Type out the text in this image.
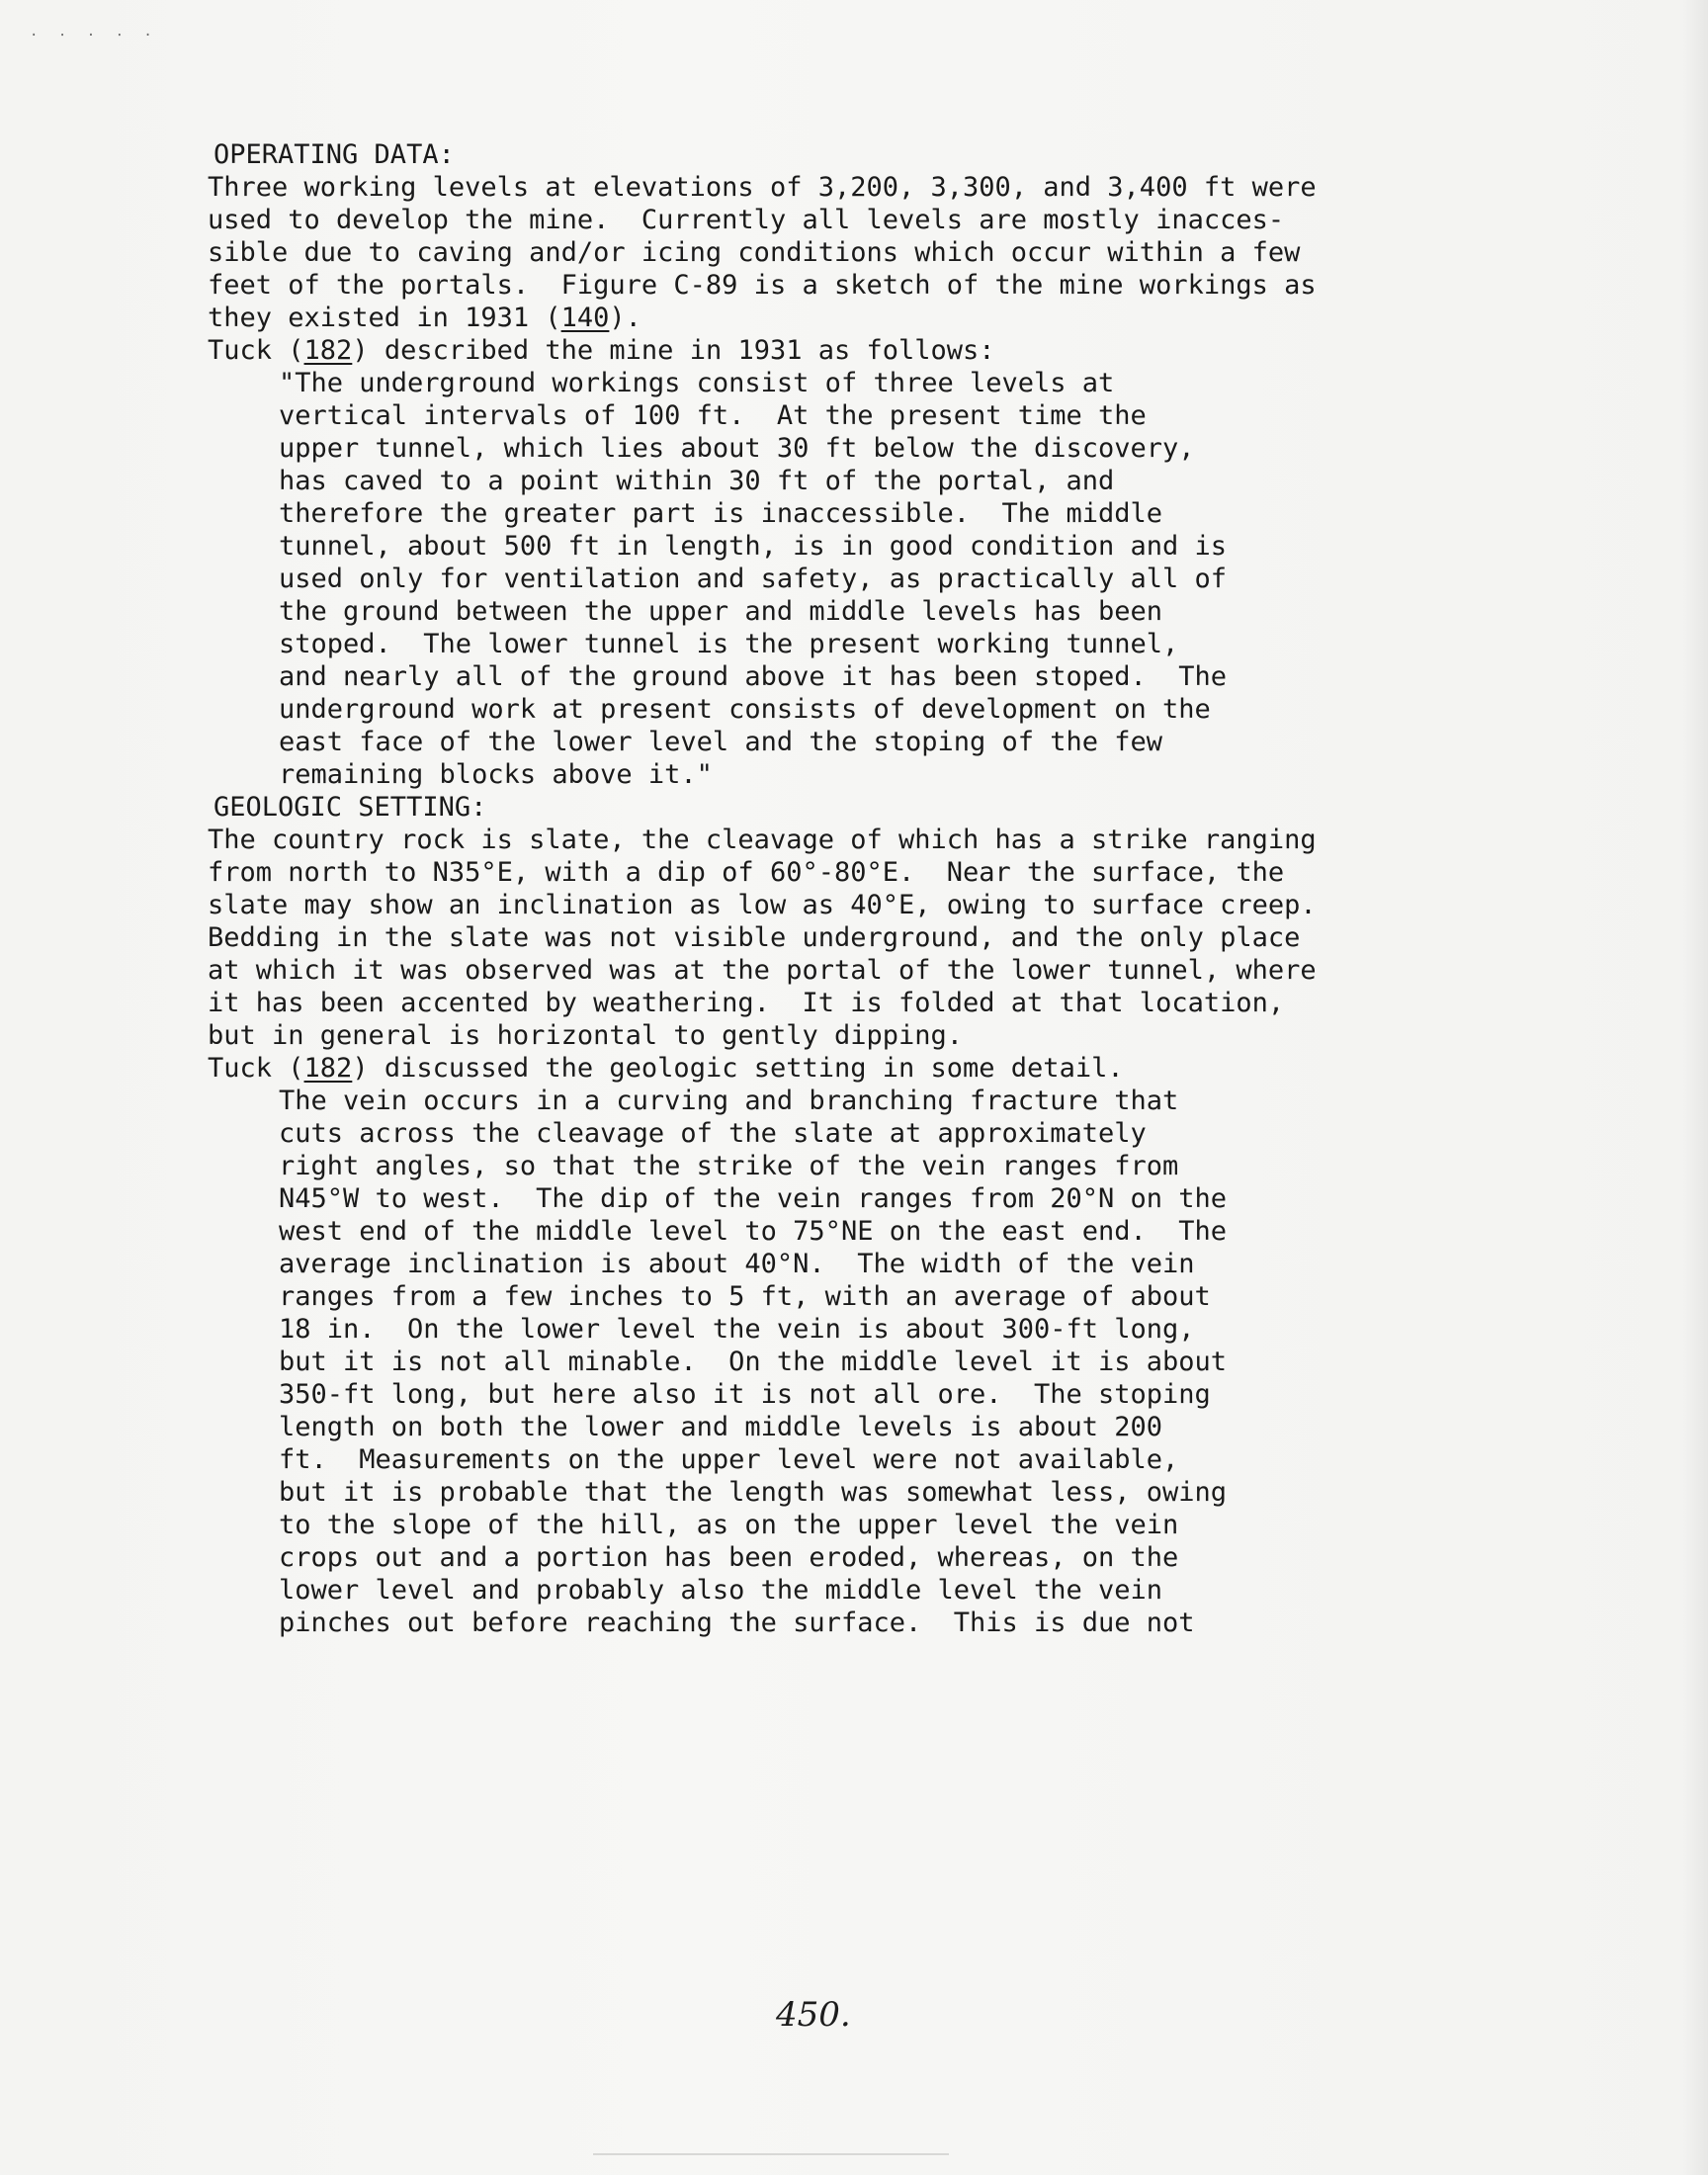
· ⋅ · ⋅ ·
OPERATING DATA:
Three working levels at elevations of 3,200, 3,300, and 3,400 ft were
used to develop the mine.  Currently all levels are mostly inacces-
sible due to caving and/or icing conditions which occur within a few
feet of the portals.  Figure C-89 is a sketch of the mine workings as
they existed in 1931 (140).
Tuck (182) described the mine in 1931 as follows:
"The underground workings consist of three levels at
vertical intervals of 100 ft.  At the present time the
upper tunnel, which lies about 30 ft below the discovery,
has caved to a point within 30 ft of the portal, and
therefore the greater part is inaccessible.  The middle
tunnel, about 500 ft in length, is in good condition and is
used only for ventilation and safety, as practically all of
the ground between the upper and middle levels has been
stoped.  The lower tunnel is the present working tunnel,
and nearly all of the ground above it has been stoped.  The
underground work at present consists of development on the
east face of the lower level and the stoping of the few
remaining blocks above it."
GEOLOGIC SETTING:
The country rock is slate, the cleavage of which has a strike ranging
from north to N35°E, with a dip of 60°-80°E.  Near the surface, the
slate may show an inclination as low as 40°E, owing to surface creep.
Bedding in the slate was not visible underground, and the only place
at which it was observed was at the portal of the lower tunnel, where
it has been accented by weathering.  It is folded at that location,
but in general is horizontal to gently dipping.
Tuck (182) discussed the geologic setting in some detail.
The vein occurs in a curving and branching fracture that
cuts across the cleavage of the slate at approximately
right angles, so that the strike of the vein ranges from
N45°W to west.  The dip of the vein ranges from 20°N on the
west end of the middle level to 75°NE on the east end.  The
average inclination is about 40°N.  The width of the vein
ranges from a few inches to 5 ft, with an average of about
18 in.  On the lower level the vein is about 300-ft long,
but it is not all minable.  On the middle level it is about
350-ft long, but here also it is not all ore.  The stoping
length on both the lower and middle levels is about 200
ft.  Measurements on the upper level were not available,
but it is probable that the length was somewhat less, owing
to the slope of the hill, as on the upper level the vein
crops out and a portion has been eroded, whereas, on the
lower level and probably also the middle level the vein
pinches out before reaching the surface.  This is due not
450.
